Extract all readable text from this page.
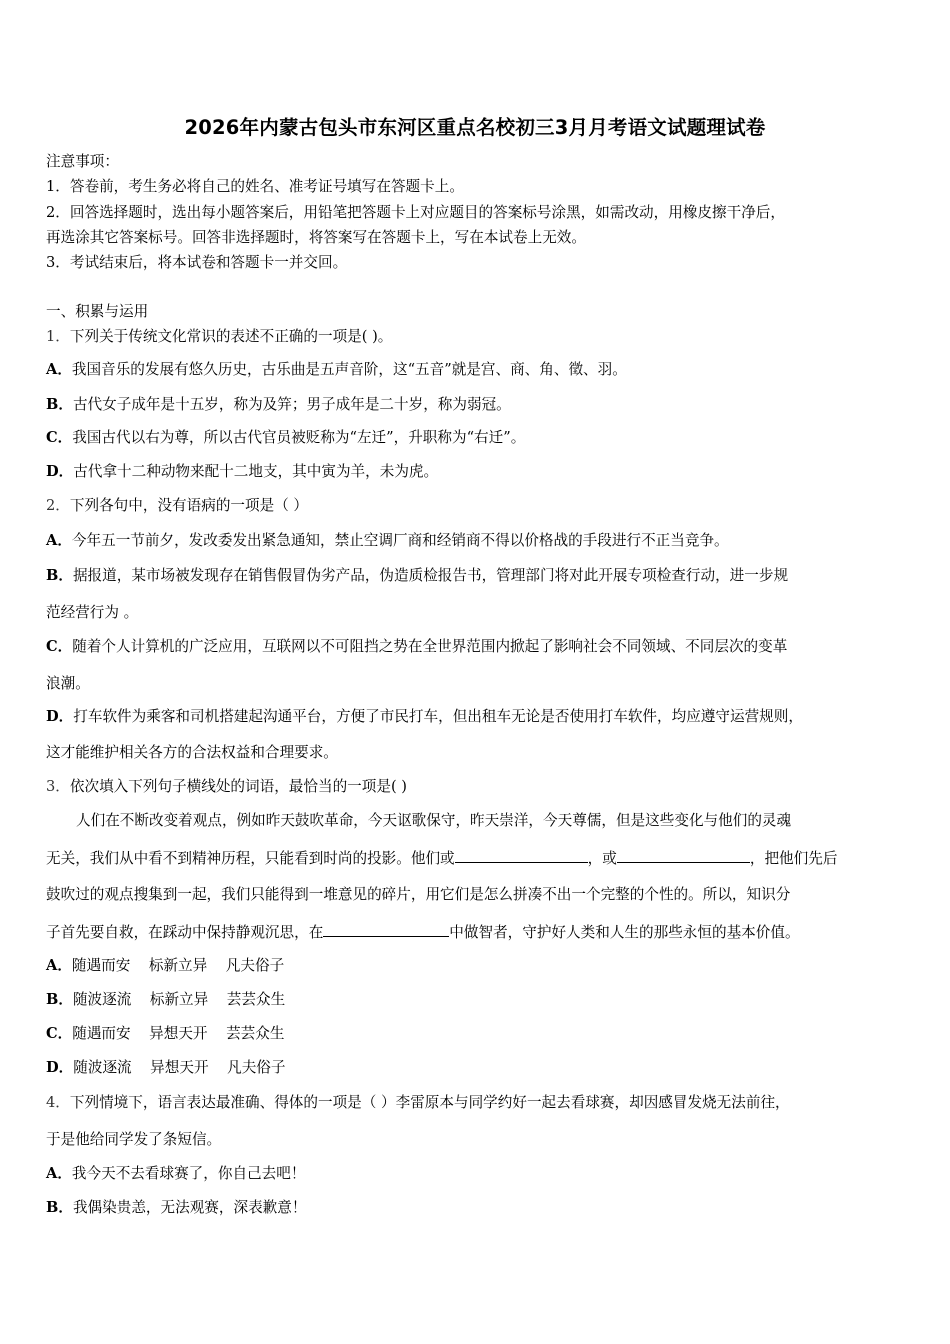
2026年内蒙古包头市东河区重点名校初三3月月考语文试题理试卷
注意事项：
1．答卷前，考生务必将自己的姓名、准考证号填写在答题卡上。
2．回答选择题时，选出每小题答案后，用铅笔把答题卡上对应题目的答案标号涂黑，如需改动，用橡皮擦干净后，
再选涂其它答案标号。回答非选择题时，将答案写在答题卡上，写在本试卷上无效。
3．考试结束后，将本试卷和答题卡一并交回。
一、积累与运用
1．下列关于传统文化常识的表述不正确的一项是( )。
A．我国音乐的发展有悠久历史，古乐曲是五声音阶，这“五音”就是宫、商、角、徵、羽。
B．古代女子成年是十五岁，称为及笄；男子成年是二十岁，称为弱冠。
C．我国古代以右为尊，所以古代官员被贬称为“左迁”，升职称为“右迁”。
D．古代拿十二种动物来配十二地支，其中寅为羊，未为虎。
2．下列各句中，没有语病的一项是（ ）
A．今年五一节前夕，发改委发出紧急通知，禁止空调厂商和经销商不得以价格战的手段进行不正当竞争。
B．据报道，某市场被发现存在销售假冒伪劣产品，伪造质检报告书，管理部门将对此开展专项检查行动，进一步规
范经营行为 。
C．随着个人计算机的广泛应用，互联网以不可阻挡之势在全世界范围内掀起了影响社会不同领域、不同层次的变革
浪潮。
D．打车软件为乘客和司机搭建起沟通平台，方便了市民打车，但出租车无论是否使用打车软件，均应遵守运营规则，
这才能维护相关各方的合法权益和合理要求。
3．依次填入下列句子横线处的词语，最恰当的一项是( )
人们在不断改变着观点，例如昨天鼓吹革命，今天讴歌保守，昨天崇洋，今天尊儒，但是这些变化与他们的灵魂
无关，我们从中看不到精神历程，只能看到时尚的投影。他们或	，或	，把他们先后
鼓吹过的观点搜集到一起，我们只能得到一堆意见的碎片，用它们是怎么拼凑不出一个完整的个性的。所以，知识分
子首先要自救，在踩动中保持静观沉思，在	中做智者，守护好人类和人生的那些永恒的基本价值。
A．随遇而安    标新立异    凡夫俗子
B．随波逐流    标新立异    芸芸众生
C．随遇而安    异想天开    芸芸众生
D．随波逐流    异想天开    凡夫俗子
4．下列情境下，语言表达最准确、得体的一项是（ ）李雷原本与同学约好一起去看球赛，却因感冒发烧无法前往，
于是他给同学发了条短信。
A．我今天不去看球赛了，你自己去吧！
B．我偶染贵恙，无法观赛，深表歉意！
